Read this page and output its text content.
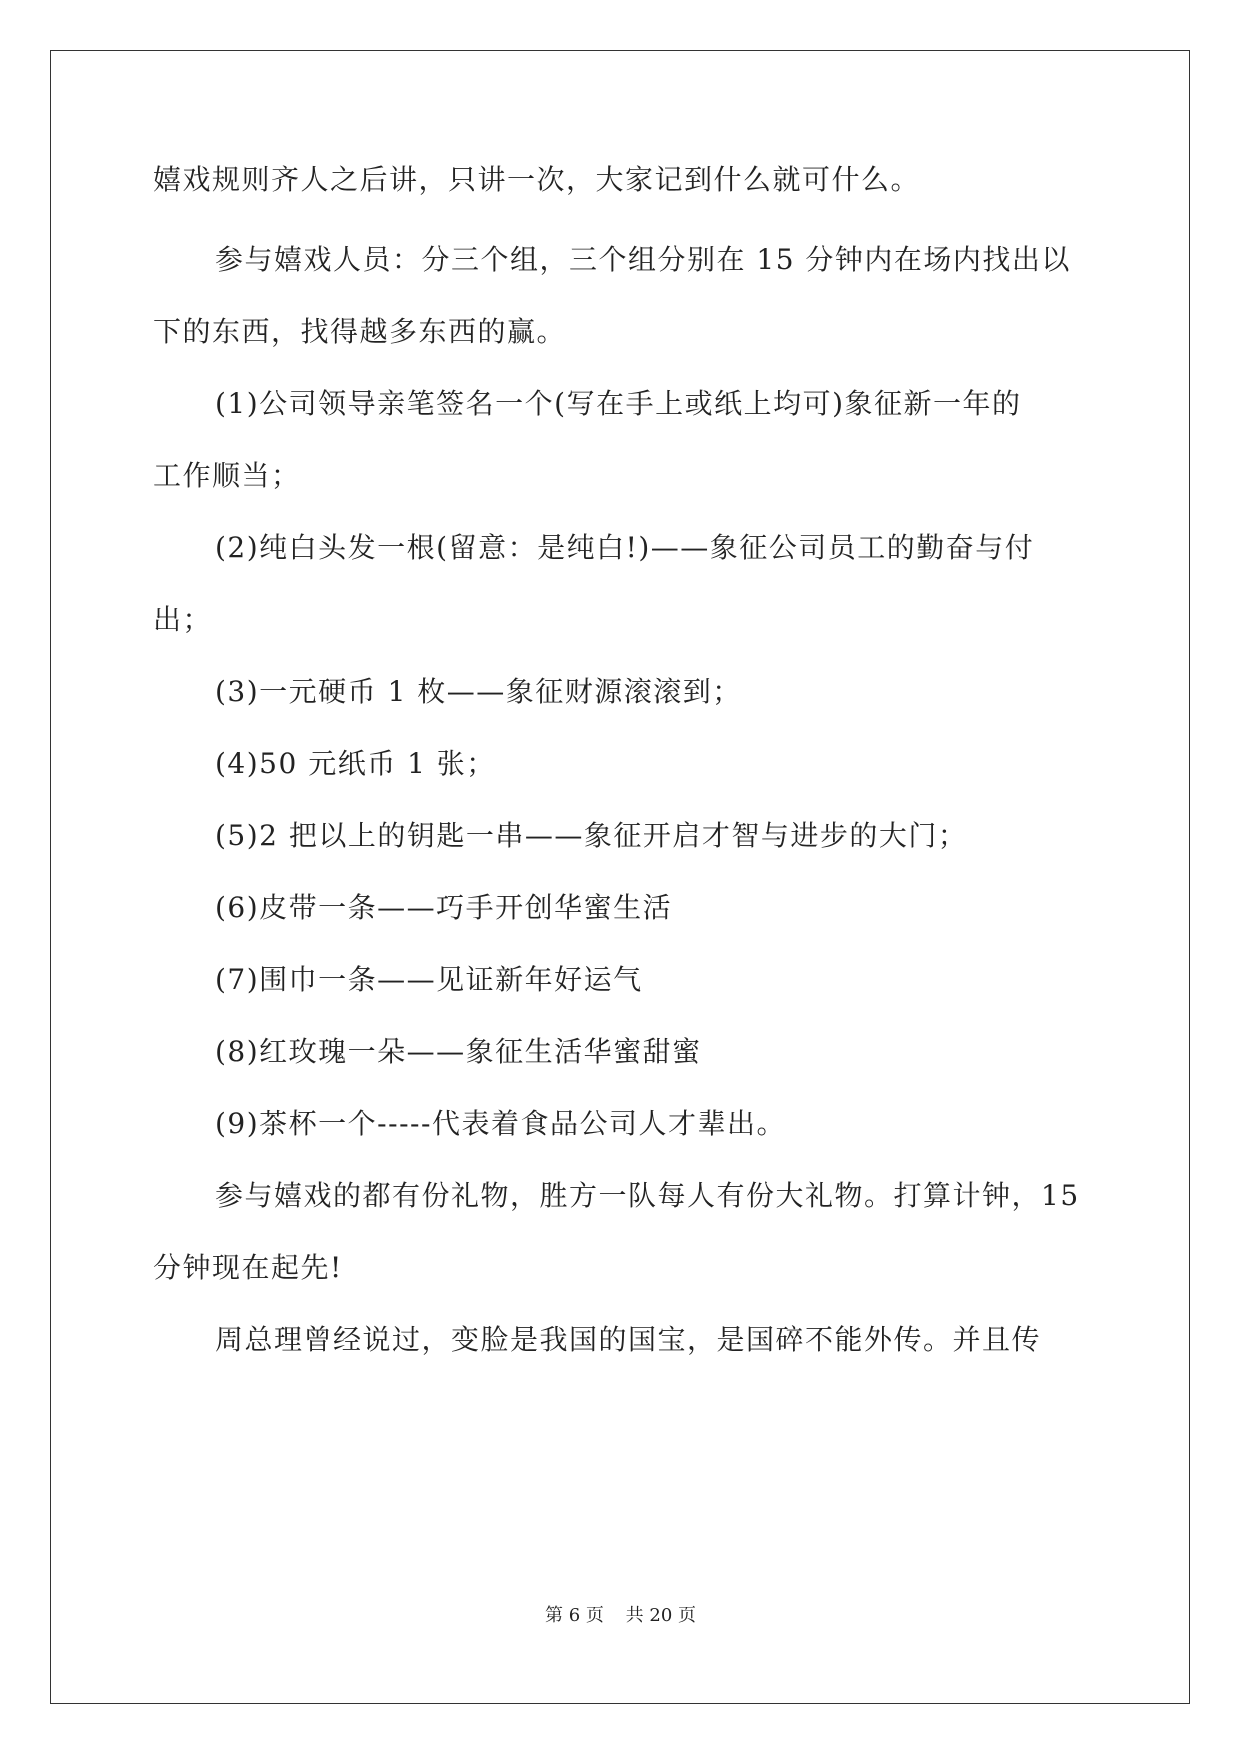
嬉戏规则齐人之后讲，只讲一次，大家记到什么就可什么。
参与嬉戏人员：分三个组，三个组分别在 15 分钟内在场内找出以
下的东西，找得越多东西的赢。
(1)公司领导亲笔签名一个(写在手上或纸上均可)象征新一年的
工作顺当；
(2)纯白头发一根(留意：是纯白!)——象征公司员工的勤奋与付
出；
(3)一元硬币 1 枚——象征财源滚滚到；
(4)50 元纸币 1 张；
(5)2 把以上的钥匙一串——象征开启才智与进步的大门；
(6)皮带一条——巧手开创华蜜生活
(7)围巾一条——见证新年好运气
(8)红玫瑰一朵——象征生活华蜜甜蜜
(9)茶杯一个-----代表着食品公司人才辈出。
参与嬉戏的都有份礼物，胜方一队每人有份大礼物。打算计钟，15
分钟现在起先!
周总理曾经说过，变脸是我国的国宝，是国碎不能外传。并且传
第 6 页 共 20 页
